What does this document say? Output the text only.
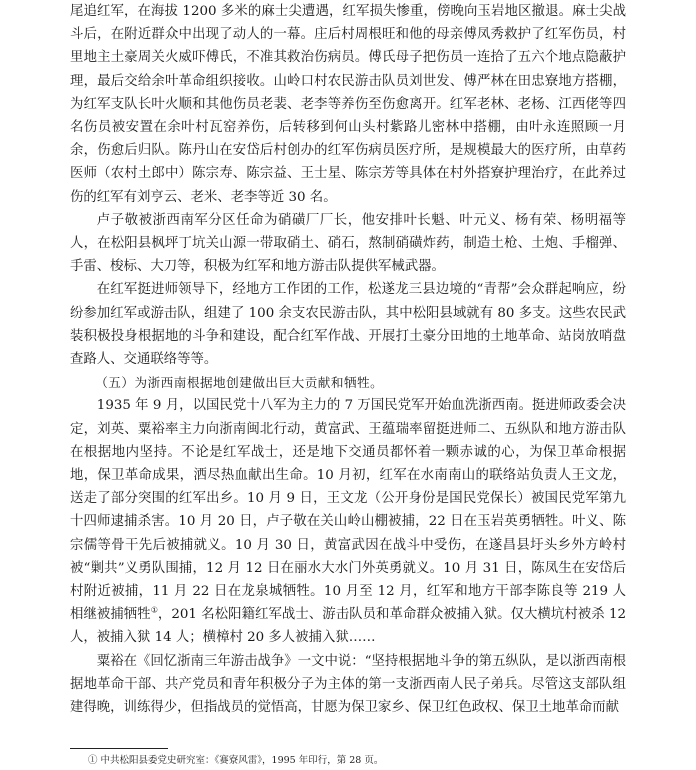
尾追红军，在海拔 1200 多米的麻士尖遭遇，红军损失惨重，傍晚向玉岩地区撤退。麻士尖战斗后，在附近群众中出现了动人的一幕。庄后村周根旺和他的母亲傅凤秀救护了红军伤员，村里地主土豪周关火威吓傅氏，不准其救治伤病员。傅氏母子把伤员一连拾了五六个地点隐蔽护理，最后交给余叶革命组织接收。山岭口村农民游击队员刘世发、傅严林在田忠寮地方搭棚，为红军支队长叶火顺和其他伤员老裴、老李等养伤至伤愈离开。红军老林、老杨、江西佬等四名伤员被安置在余叶村瓦窑养伤，后转移到何山头村紫路儿密林中搭棚，由叶永连照顾一月余，伤愈后归队。陈丹山在安岱后村创办的红军伤病员医疗所，是规模最大的医疗所，由草药医师（农村土郎中）陈宗寿、陈宗益、王士星、陈宗芳等具体在村外搭寮护理治疗，在此养过伤的红军有刘亨云、老米、老李等近 30 名。

卢子敬被浙西南军分区任命为硝磺厂厂长，他安排叶长魁、叶元义、杨有荣、杨明福等人，在松阳县枫坪丁坑关山源一带取硝土、硝石，熬制硝磺炸药，制造土枪、土炮、手榴弹、手雷、梭标、大刀等，积极为红军和地方游击队提供军械武器。

在红军挺进师领导下，经地方工作团的工作，松遂龙三县边境的“青帮”会众群起响应，纷纷参加红军或游击队，组建了 100 余支农民游击队，其中松阳县域就有 80 多支。这些农民武装积极投身根据地的斗争和建设，配合红军作战、开展打土豪分田地的土地革命、站岗放哨盘查路人、交通联络等等。

（五）为浙西南根据地创建做出巨大贡献和牺牲。

1935 年 9 月，以国民党十八军为主力的 7 万国民党军开始血洗浙西南。挺进师政委会决定，刘英、粟裕率主力向浙南闽北行动，黄富武、王蕴瑞率留挺进师二、五纵队和地方游击队在根据地内坚持。不论是红军战士，还是地下交通员都怀着一颗赤诚的心，为保卫革命根据地，保卫革命成果，洒尽热血献出生命。10 月初，红军在水南南山的联络站负责人王文龙，送走了部分突围的红军出乡。10 月 9 日，王文龙（公开身份是国民党保长）被国民党军第九十四师逮捕杀害。10 月 20 日，卢子敬在关山岭山棚被捕，22 日在玉岩英勇牺牲。叶义、陈宗儒等骨干先后被捕就义。10 月 30 日，黄富武因在战斗中受伤，在遂昌县圩头乡外方岭村被“剿共”义勇队围捕，12 月 12 日在丽水大水门外英勇就义。10 月 31 日，陈凤生在安岱后村附近被捕，11 月 22 日在龙泉城牺牲。10 月至 12 月，红军和地方干部李陈良等 219 人相继被捕牺牲①，201 名松阳籍红军战士、游击队员和革命群众被捕入狱。仅大横坑村被杀 12 人，被捕入狱 14 人；横樟村 20 多人被捕入狱……

粟裕在《回忆浙南三年游击战争》一文中说：“坚持根据地斗争的第五纵队，是以浙西南根据地革命干部、共产党员和青年积极分子为主体的第一支浙西南人民子弟兵。尽管这支部队组建得晚，训练得少，但指战员的觉悟高，甘愿为保卫家乡、保卫红色政权、保卫土地革命而献

① 中共松阳县委党史研究室：《赛寮风雷》，1995 年印行，第 28 页。
